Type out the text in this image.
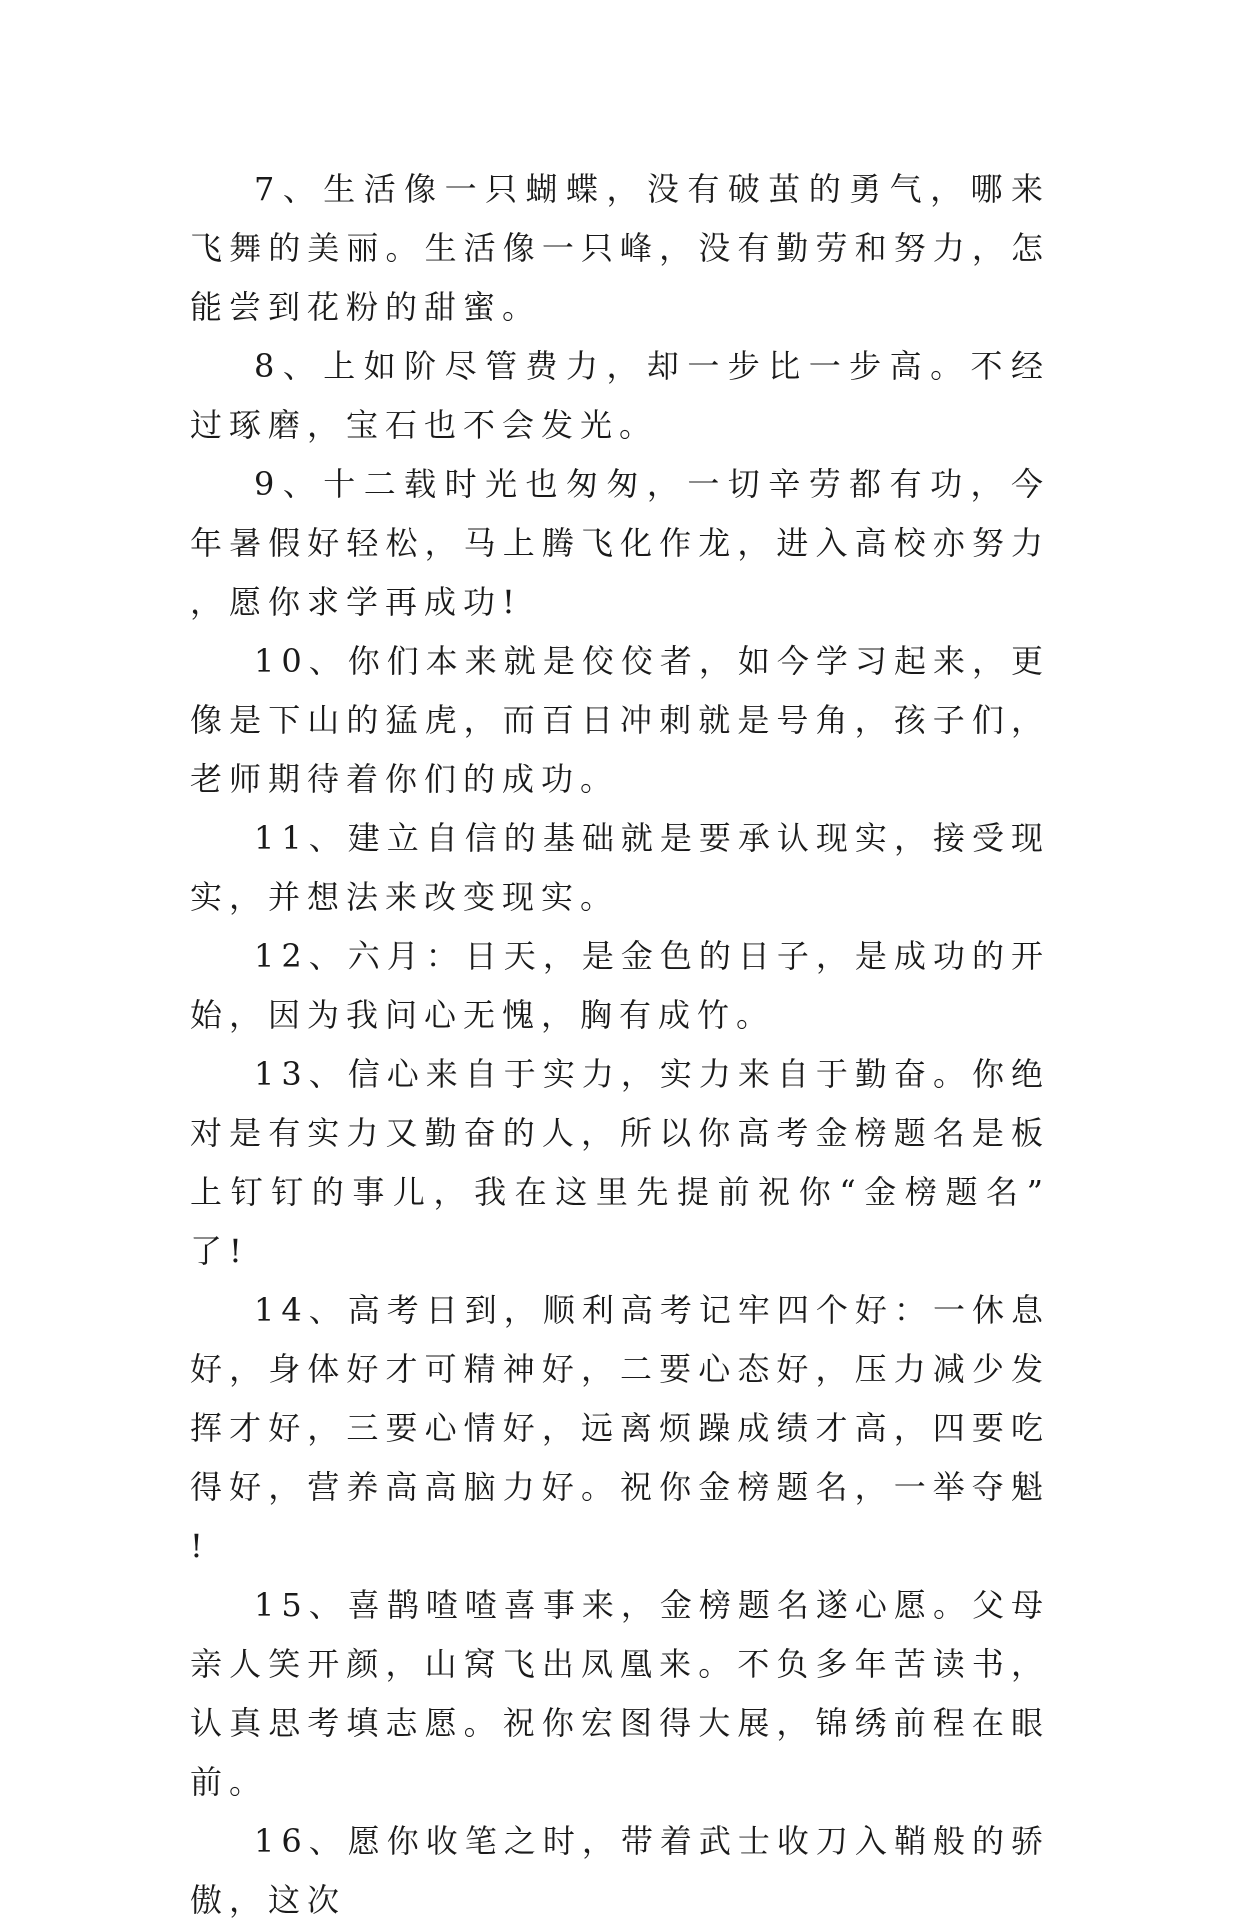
7、生活像一只蝴蝶，没有破茧的勇气，哪来飞舞的美丽。生活像一只峰，没有勤劳和努力，怎能尝到花粉的甜蜜。

8、上如阶尽管费力，却一步比一步高。不经过琢磨，宝石也不会发光。

9、十二载时光也匆匆，一切辛劳都有功，今年暑假好轻松，马上腾飞化作龙，进入高校亦努力，愿你求学再成功!

10、你们本来就是佼佼者，如今学习起来，更像是下山的猛虎，而百日冲刺就是号角，孩子们，老师期待着你们的成功。

11、建立自信的基础就是要承认现实，接受现实，并想法来改变现实。

12、六月：日天，是金色的日子，是成功的开始，因为我问心无愧，胸有成竹。

13、信心来自于实力，实力来自于勤奋。你绝对是有实力又勤奋的人，所以你高考金榜题名是板上钉钉的事儿，我在这里先提前祝你“金榜题名”了!

14、高考日到，顺利高考记牢四个好：一休息好，身体好才可精神好，二要心态好，压力减少发挥才好，三要心情好，远离烦躁成绩才高，四要吃得好，营养高高脑力好。祝你金榜题名，一举夺魁!

15、喜鹊喳喳喜事来，金榜题名遂心愿。父母亲人笑开颜，山窝飞出凤凰来。不负多年苦读书，认真思考填志愿。祝你宏图得大展，锦绣前程在眼前。

16、愿你收笔之时，带着武士收刀入鞘般的骄傲，这次
